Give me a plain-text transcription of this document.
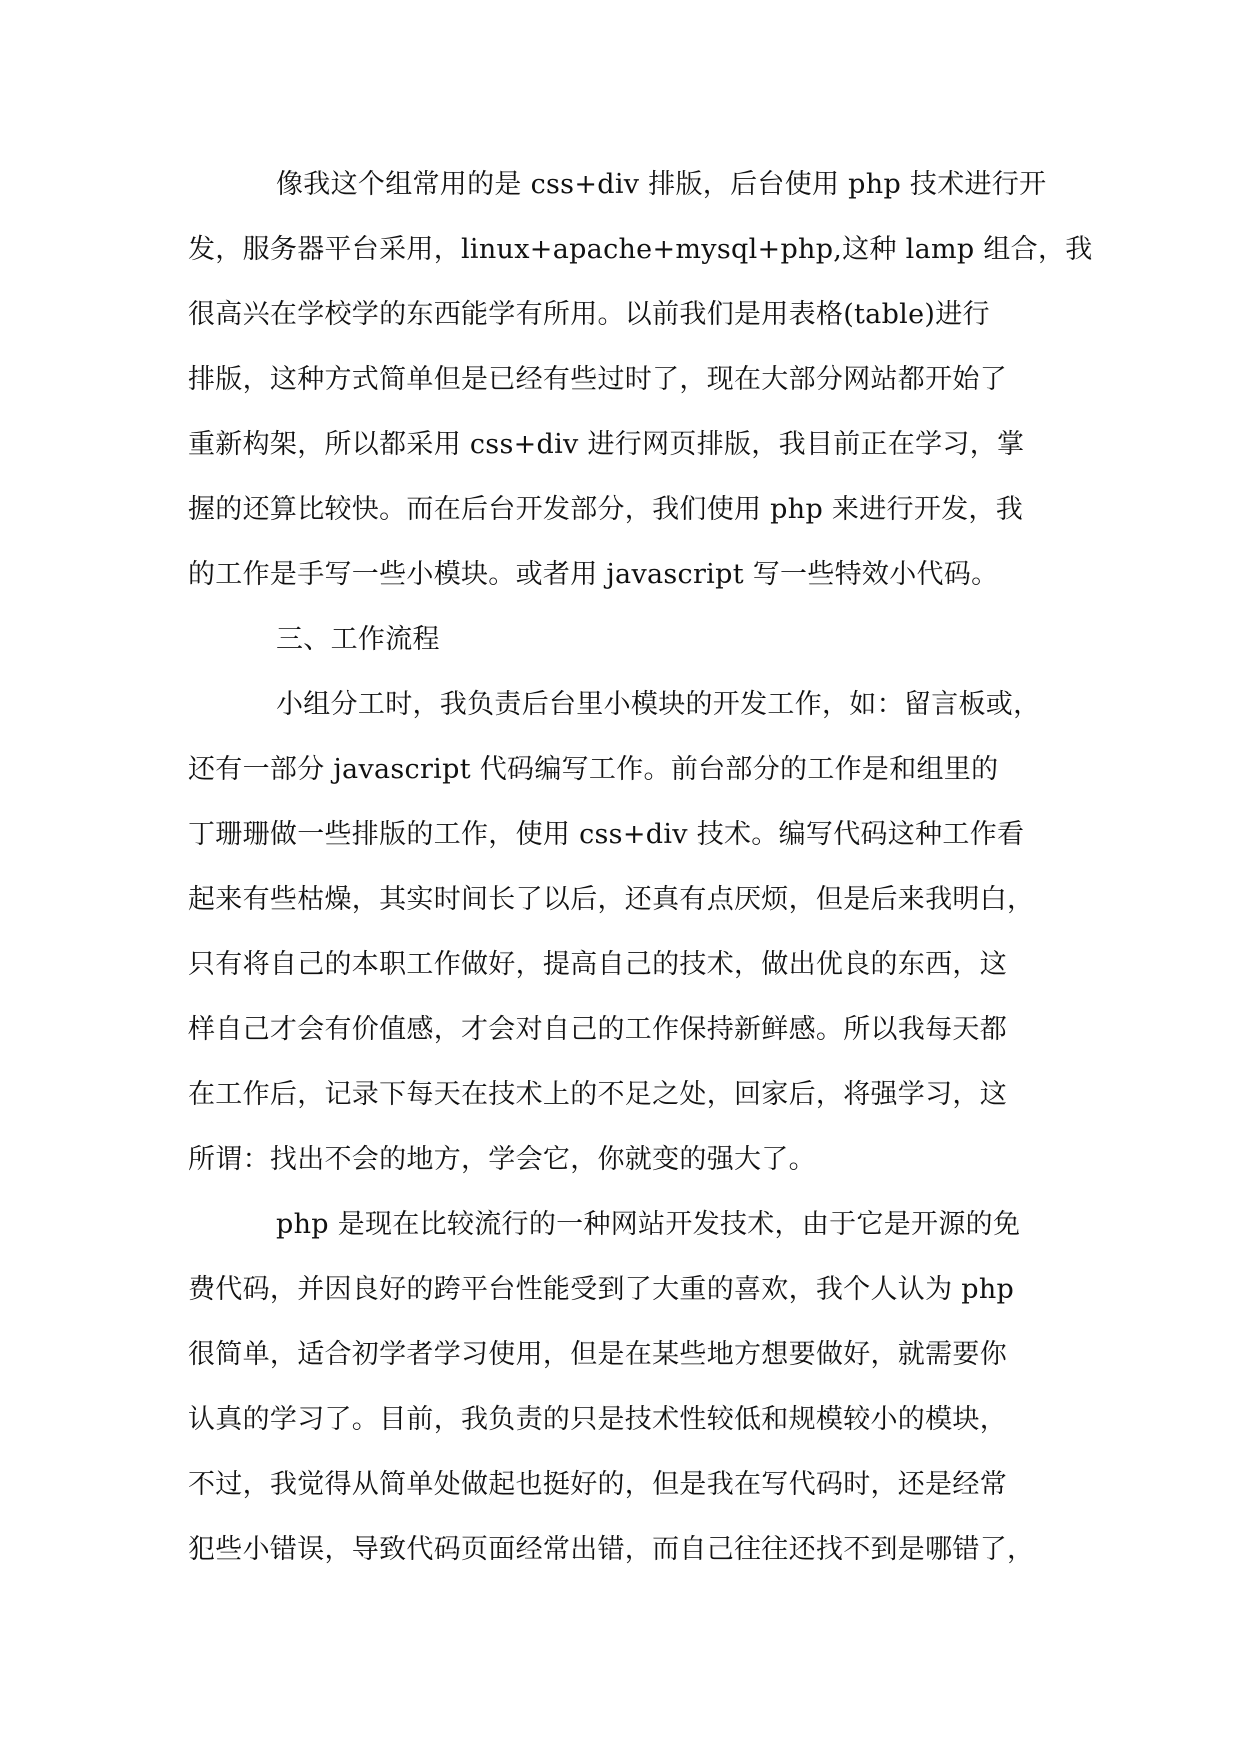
像我这个组常用的是 css+div 排版，后台使用 php 技术进行开
发，服务器平台采用，linux+apache+mysql+php,这种 lamp 组合，我
很高兴在学校学的东西能学有所用。以前我们是用表格(table)进行
排版，这种方式简单但是已经有些过时了，现在大部分网站都开始了
重新构架，所以都采用 css+div 进行网页排版，我目前正在学习，掌
握的还算比较快。而在后台开发部分，我们使用 php 来进行开发，我
的工作是手写一些小模块。或者用 javascript 写一些特效小代码。
三、工作流程
小组分工时，我负责后台里小模块的开发工作，如：留言板或，
还有一部分 javascript 代码编写工作。前台部分的工作是和组里的
丁珊珊做一些排版的工作，使用 css+div 技术。编写代码这种工作看
起来有些枯燥，其实时间长了以后，还真有点厌烦，但是后来我明白，
只有将自己的本职工作做好，提高自己的技术，做出优良的东西，这
样自己才会有价值感，才会对自己的工作保持新鲜感。所以我每天都
在工作后，记录下每天在技术上的不足之处，回家后，将强学习，这
所谓：找出不会的地方，学会它，你就变的强大了。
php 是现在比较流行的一种网站开发技术，由于它是开源的免
费代码，并因良好的跨平台性能受到了大重的喜欢，我个人认为 php
很简单，适合初学者学习使用，但是在某些地方想要做好，就需要你
认真的学习了。目前，我负责的只是技术性较低和规模较小的模块，
不过，我觉得从简单处做起也挺好的，但是我在写代码时，还是经常
犯些小错误，导致代码页面经常出错，而自己往往还找不到是哪错了，
